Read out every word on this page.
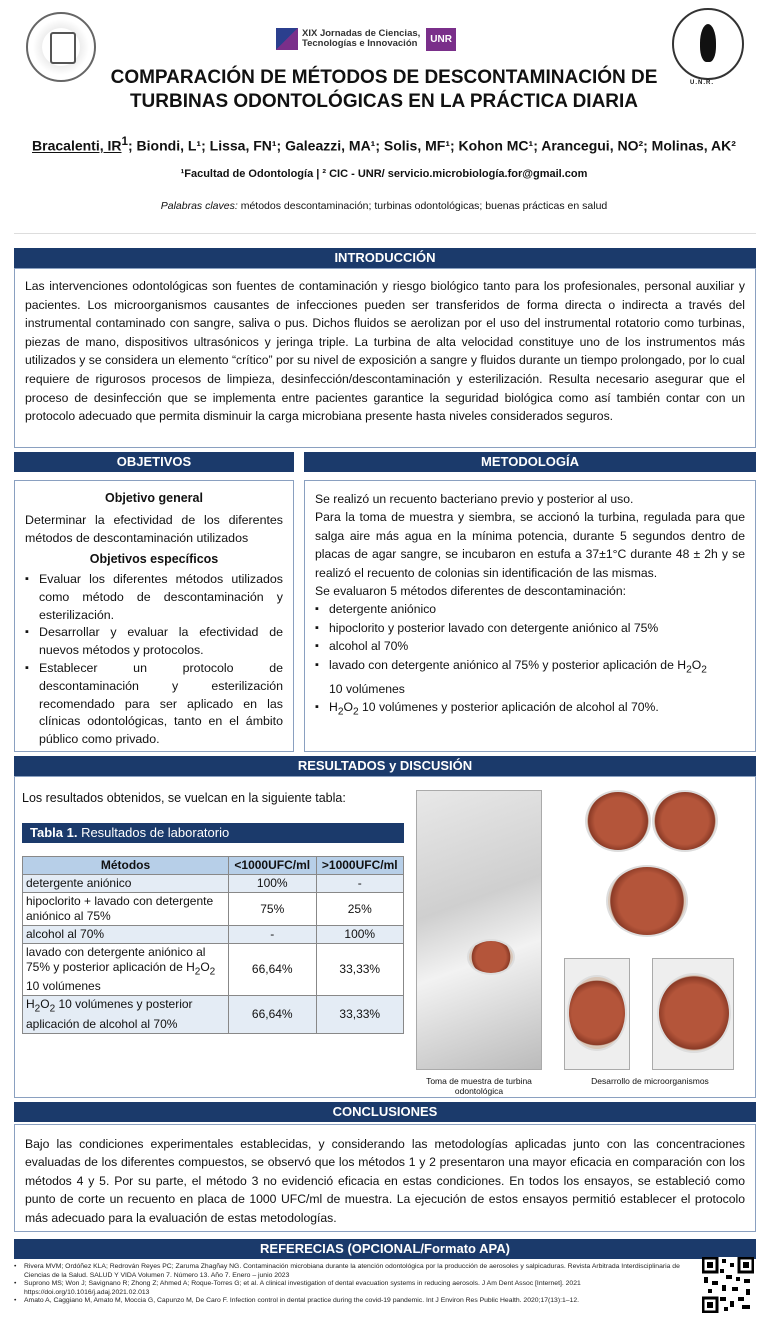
XIX Jornadas de Ciencias,
Tecnologías e Innovación	UNR
U.N.R.
COMPARACIÓN DE MÉTODOS DE DESCONTAMINACIÓN DE
TURBINAS ODONTOLÓGICAS EN LA PRÁCTICA DIARIA
Bracalenti, $IR^1$; Biondi, L¹; Lissa, FN¹; Galeazzi, MA¹; Solis, MF¹; Kohon MC¹; Arancegui, NO²; Molinas, AK²
¹Facultad de Odontología | ² CIC - UNR/ servicio.microbiología.for@gmail.com
Palabras claves: métodos descontaminación; turbinas odontológicas; buenas prácticas en salud
INTRODUCCIÓN
Las intervenciones odontológicas son fuentes de contaminación y riesgo biológico tanto para los profesionales, personal auxiliar y pacientes. Los microorganismos causantes de infecciones pueden ser transferidos de forma directa o indirecta a través del instrumental contaminado con sangre, saliva o pus. Dichos fluidos se aerolizan por el uso del instrumental rotatorio como turbinas, piezas de mano, dispositivos ultrasónicos y jeringa triple. La turbina de alta velocidad constituye uno de los instrumentos más utilizados y se considera un elemento “crítico” por su nivel de exposición a sangre y fluidos durante un tiempo prolongado, por lo cual requiere de rigurosos procesos de limpieza, desinfección/descontaminación y esterilización. Resulta necesario asegurar que el proceso de desinfección que se implementa entre pacientes garantice la seguridad biológica como así también contar con un protocolo adecuado que permita disminuir la carga microbiana presente hasta niveles considerados seguros.
OBJETIVOS
Objetivo general
Determinar la efectividad de los diferentes métodos de descontaminación utilizados
Objetivos específicos
▪ Evaluar los diferentes métodos utilizados como método de descontaminación y esterilización.
▪ Desarrollar y evaluar la efectividad de nuevos métodos y protocolos.
▪ Establecer un protocolo de descontaminación y esterilización recomendado para ser aplicado en las clínicas odontológicas, tanto en el ámbito público como privado.
METODOLOGÍA
Se realizó un recuento bacteriano previo y posterior al uso.
Para la toma de muestra y siembra, se accionó la turbina, regulada para que salga aire más agua en la mínima potencia, durante 5 segundos dentro de placas de agar sangre, se incubaron en estufa a 37±1°C durante 48 ± 2h y se realizó el recuento de colonias sin identificación de las mismas.
Se evaluaron 5 métodos diferentes de descontaminación:
▪ detergente aniónico
▪ hipoclorito y posterior lavado con detergente aniónico al 75%
▪ alcohol al 70%
▪ lavado con detergente aniónico al 75% y posterior aplicación de $H_2O_2$
10 volúmenes
▪ $H_2O_2$ 10 volúmenes y posterior aplicación de alcohol al 70%.
RESULTADOS y DISCUSIÓN
Los resultados obtenidos, se vuelcan en la siguiente tabla:
Tabla 1. Resultados de laboratorio
Métodos	<1000UFC/ml	>1000UFC/ml
detergente aniónico	100%	-
hipoclorito + lavado con detergente aniónico al 75%	75%	25%
alcohol al 70%	-	100%
lavado con detergente aniónico al 75% y posterior aplicación de $H_2O_2$ 10 volúmenes	66,64%	33,33%
$H_2O_2$ 10 volúmenes y posterior aplicación de alcohol al 70%	66,64%	33,33%
Toma de muestra de turbina odontológica
Desarrollo de microorganismos
CONCLUSIONES
Bajo las condiciones experimentales establecidas, y considerando las metodologías aplicadas junto con las concentraciones evaluadas de los diferentes compuestos, se observó que los métodos 1 y 2 presentaron una mayor eficacia en comparación con los métodos 4 y 5. Por su parte, el método 3 no evidenció eficacia en estas condiciones. En todos los ensayos, se estableció como punto de corte un recuento en placa de 1000 UFC/ml de muestra. La ejecución de estos ensayos permitió establecer el protocolo más adecuado para la evaluación de estas metodologías.
REFERECIAS (OPCIONAL/Formato APA)
• Rivera MVM; Ordóñez KLA; Redrován Reyes PC; Zaruma Zhagñay NG. Contaminación microbiana durante la atención odontológica por la producción de aerosoles y salpicaduras. Revista Arbitrada Interdisciplinaria de Ciencias de la Salud. SALUD Y VIDA Volumen 7. Número 13. Año 7. Enero – junio 2023
• Suprono MS; Won J; Savignano R; Zhong Z; Ahmed A; Roque-Torres G; et al. A clinical investigation of dental evacuation systems in reducing aerosols. J Am Dent Assoc [Internet]. 2021 https://doi.org/10.1016/j.adaj.2021.02.013
• Amato A, Caggiano M, Amato M, Moccia G, Capunzo M, De Caro F. Infection control in dental practice during the covid-19 pandemic. Int J Environ Res Public Health. 2020;17(13):1–12.
